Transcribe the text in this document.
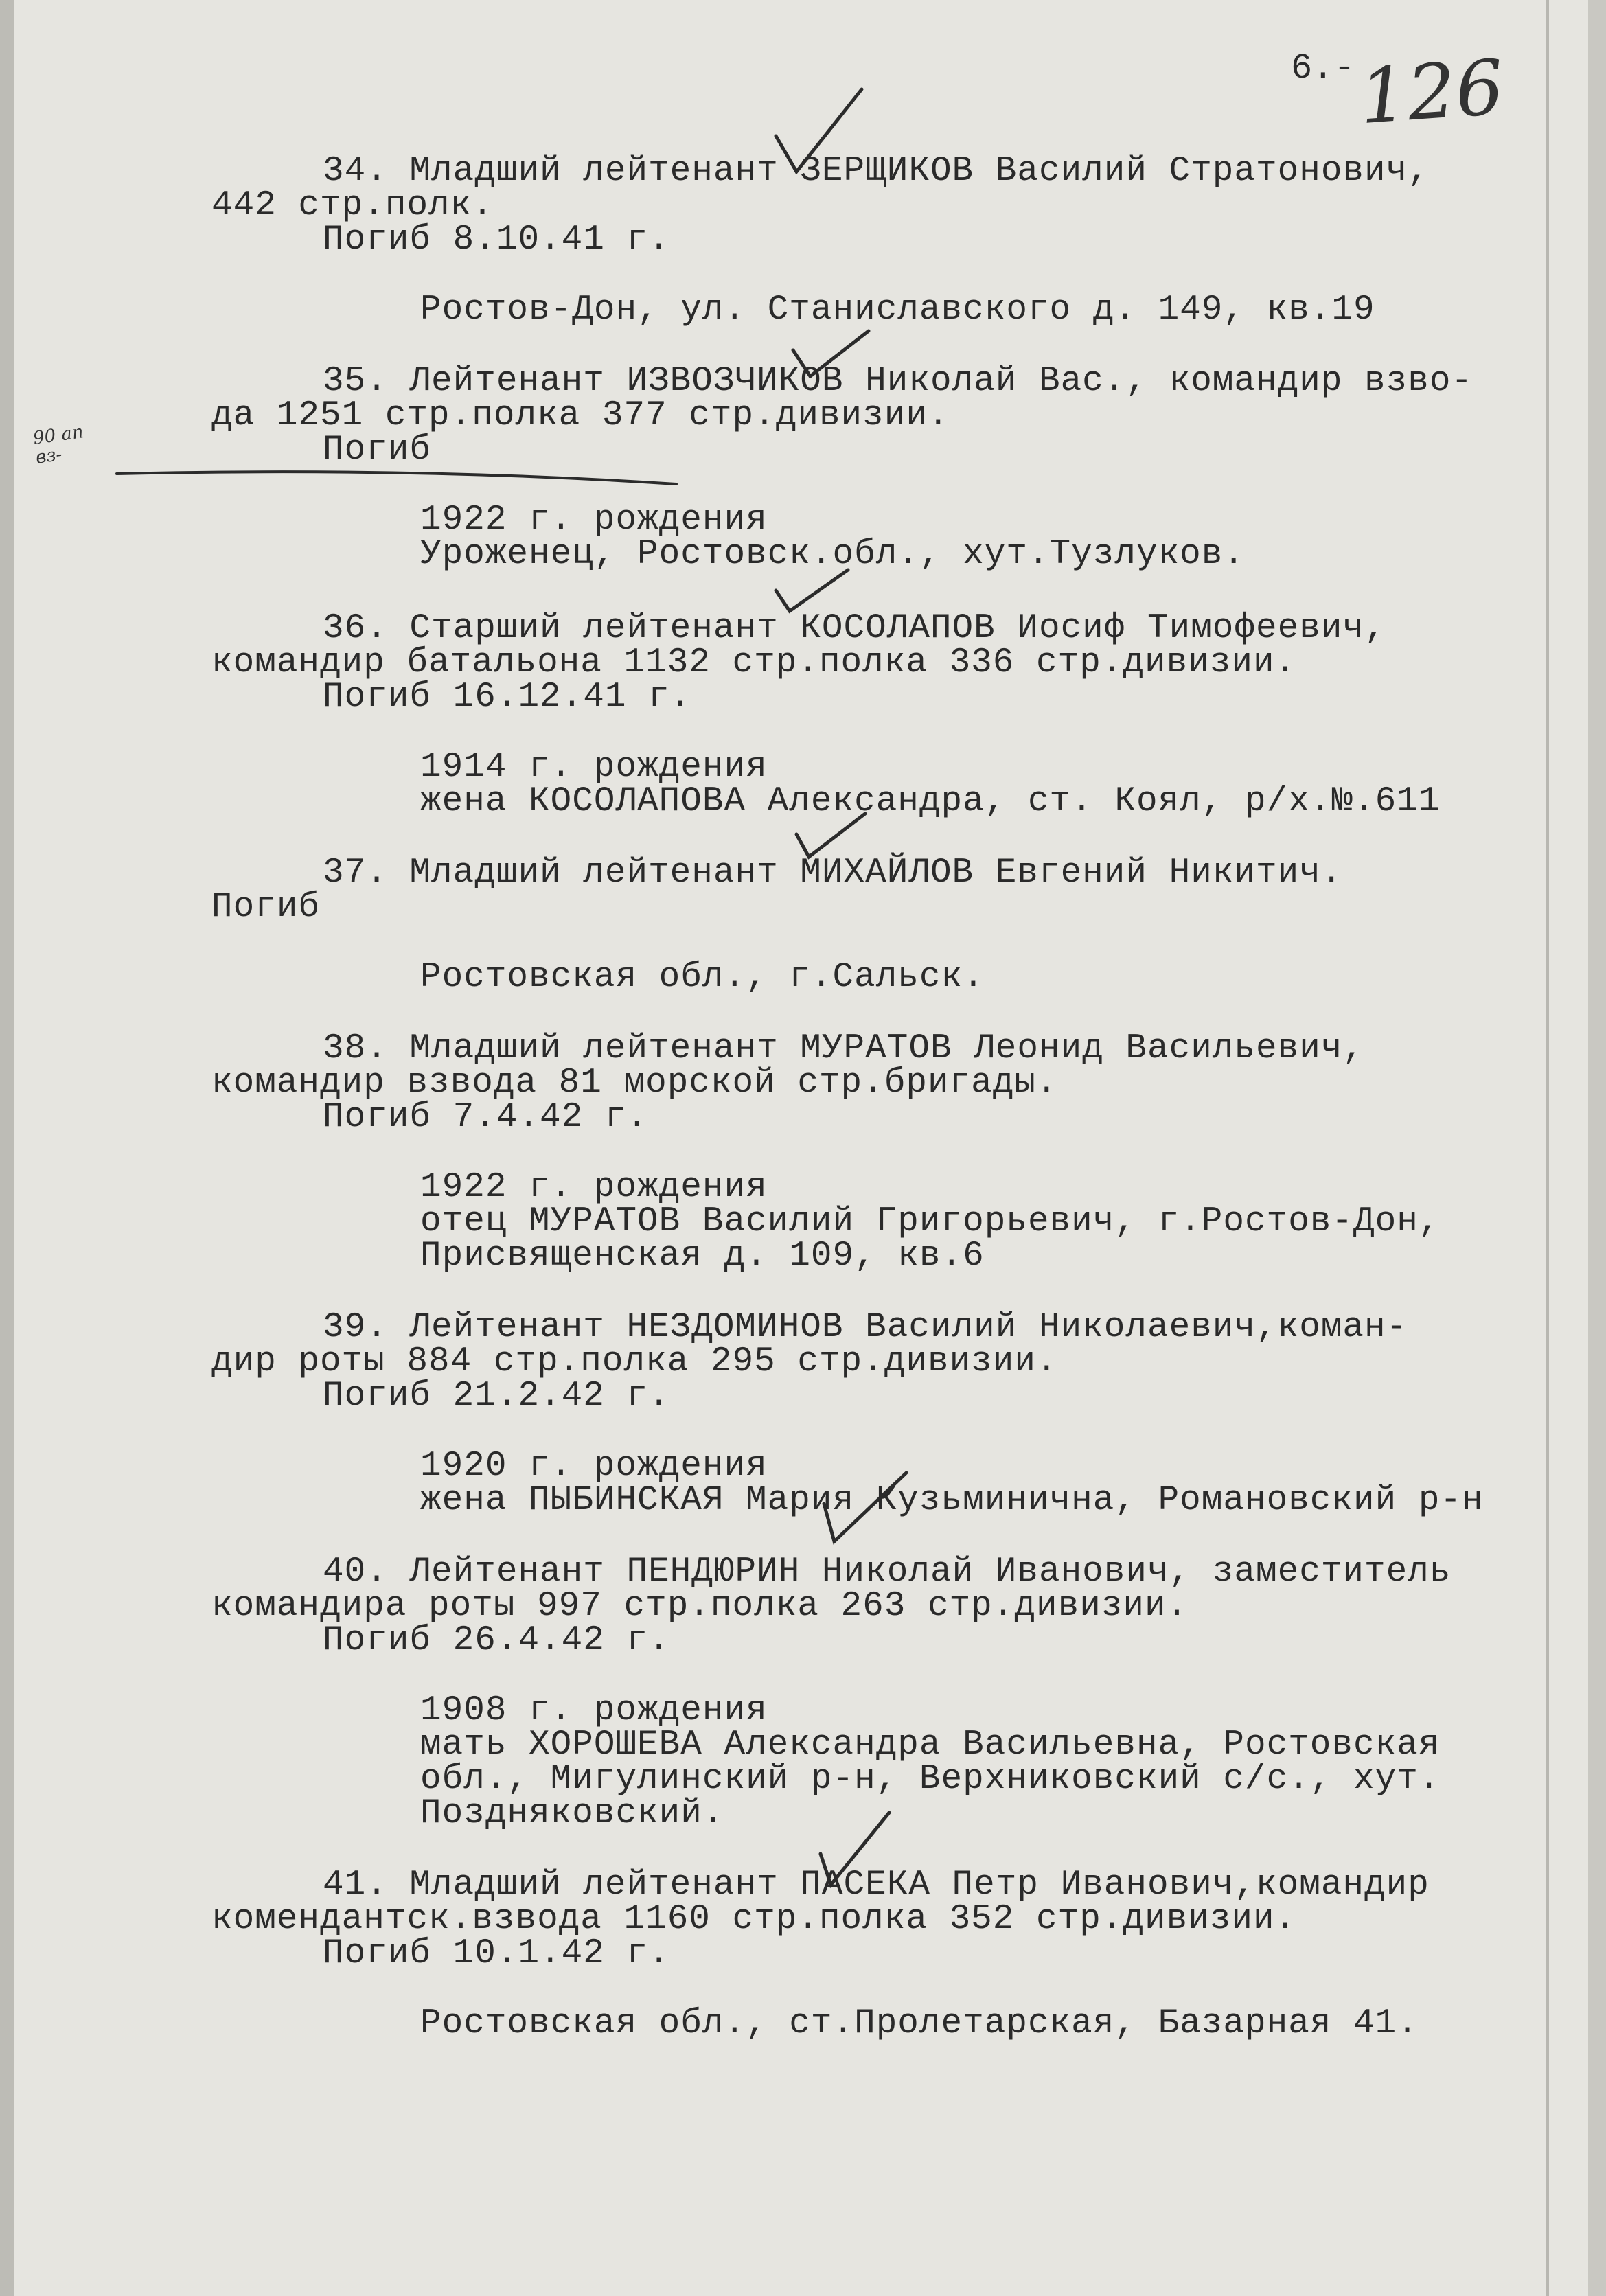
6.- 126
90 ап
вз-
34. Младший лейтенант ЗЕРЩИКОВ Василий Стратонович,
442 стр.полк.
Погиб 8.10.41 г.
Ростов-Дон, ул. Станиславского д. 149, кв.19
35. Лейтенант ИЗВОЗЧИКОВ Николай Вас., командир взво-
да 1251 стр.полка 377 стр.дивизии.
Погиб
1922 г. рождения
Уроженец, Ростовск.обл., хут.Тузлуков.
36. Старший лейтенант КОСОЛАПОВ Иосиф Тимофеевич,
командир батальона 1132 стр.полка 336 стр.дивизии.
Погиб 16.12.41 г.
1914 г. рождения
жена КОСОЛАПОВА Александра, ст. Коял, р/х.№.611
37. Младший лейтенант МИХАЙЛОВ Евгений Никитич.
Погиб
Ростовская обл., г.Сальск.
38. Младший лейтенант МУРАТОВ Леонид Васильевич,
командир взвода 81 морской стр.бригады.
Погиб 7.4.42 г.
1922 г. рождения
отец МУРАТОВ Василий Григорьевич, г.Ростов-Дон,
Присвященская д. 109, кв.6
39. Лейтенант НЕЗДОМИНОВ Василий Николаевич,коман-
дир роты 884 стр.полка 295 стр.дивизии.
Погиб 21.2.42 г.
1920 г. рождения
жена ПЫБИНСКАЯ Мария Кузьминична, Романовский р-н
40. Лейтенант ПЕНДЮРИН Николай Иванович, заместитель
командира роты 997 стр.полка 263 стр.дивизии.
Погиб 26.4.42 г.
1908 г. рождения
мать ХОРОШЕВА Александра Васильевна, Ростовская
обл., Мигулинский р-н, Верхниковский с/с., хут.
Поздняковский.
41. Младший лейтенант ПАСЕКА Петр Иванович,командир
комендантск.взвода 1160 стр.полка 352 стр.дивизии.
Погиб 10.1.42 г.
Ростовская обл., ст.Пролетарская, Базарная 41.
